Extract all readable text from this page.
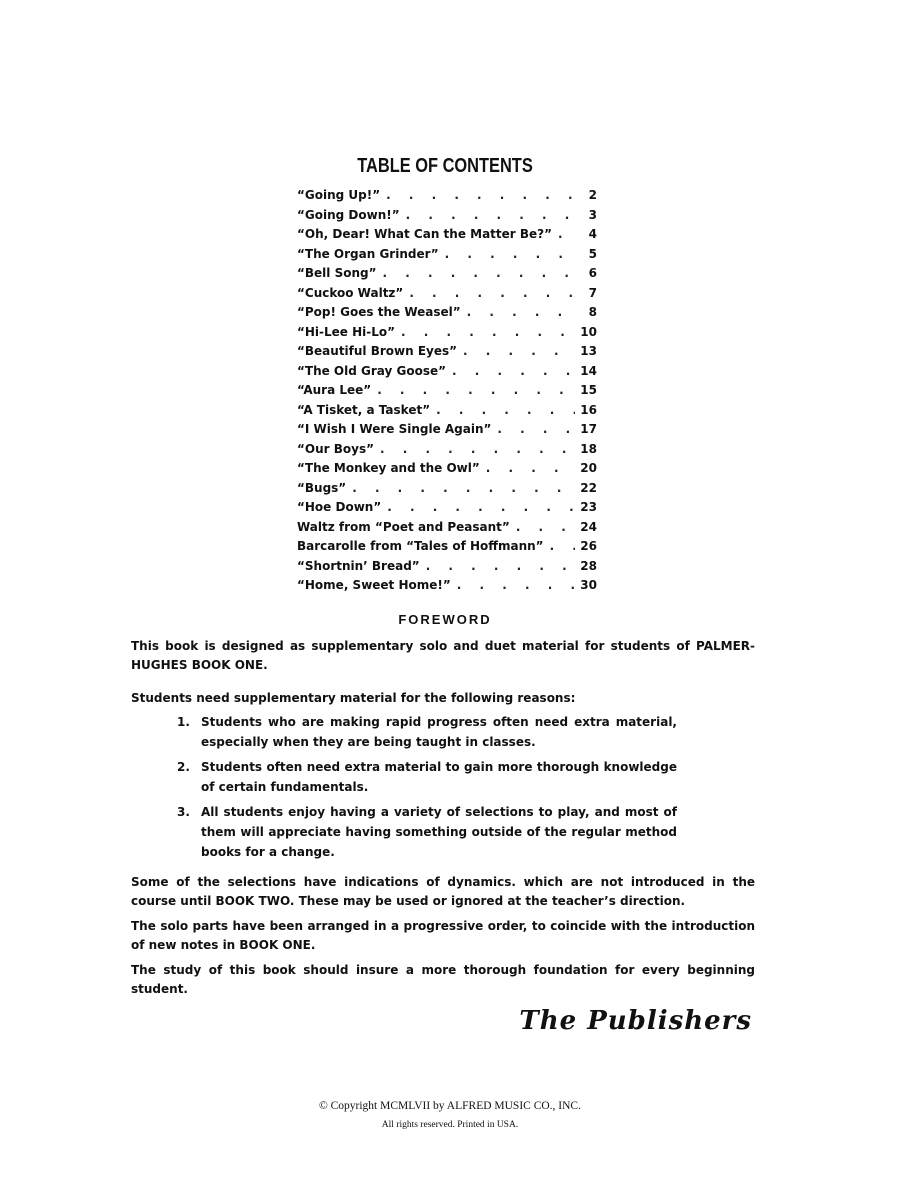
TABLE OF CONTENTS
“Going Up!” . . .	2
“Going Down!” . . .	3
“Oh, Dear! What Can the Matter Be?” . . .	4
“The Organ Grinder” . . .	5
“Bell Song” . . .	6
“Cuckoo Waltz” . . .	7
“Pop! Goes the Weasel” . . .	8
“Hi-Lee Hi-Lo” . . .	10
“Beautiful Brown Eyes” . . .	13
“The Old Gray Goose” . . .	14
“Aura Lee” . . .	15
“A Tisket, a Tasket” . . .	16
“I Wish I Were Single Again” . . .	17
“Our Boys” . . .	18
“The Monkey and the Owl” . . .	20
“Bugs” . . .	22
“Hoe Down” . . .	23
Waltz from “Poet and Peasant” . . .	24
Barcarolle from “Tales of Hoffmann” . . .	26
“Shortnin’ Bread” . . .	28
“Home, Sweet Home!” . . .	30
FOREWORD
This book is designed as supplementary solo and duet material for students of PALMER-HUGHES BOOK ONE.
Students need supplementary material for the following reasons:
1. Students who are making rapid progress often need extra material, especially when they are being taught in classes.
2. Students often need extra material to gain more thorough knowledge of certain fundamentals.
3. All students enjoy having a variety of selections to play, and most of them will appreciate having something outside of the regular method books for a change.
Some of the selections have indications of dynamics. which are not introduced in the course until BOOK TWO. These may be used or ignored at the teacher’s direction.
The solo parts have been arranged in a progressive order, to coincide with the introduction of new notes in BOOK ONE.
The study of this book should insure a more thorough foundation for every beginning student.
The Publishers
© Copyright MCMLVII by ALFRED MUSIC CO., INC.
All rights reserved. Printed in USA.
